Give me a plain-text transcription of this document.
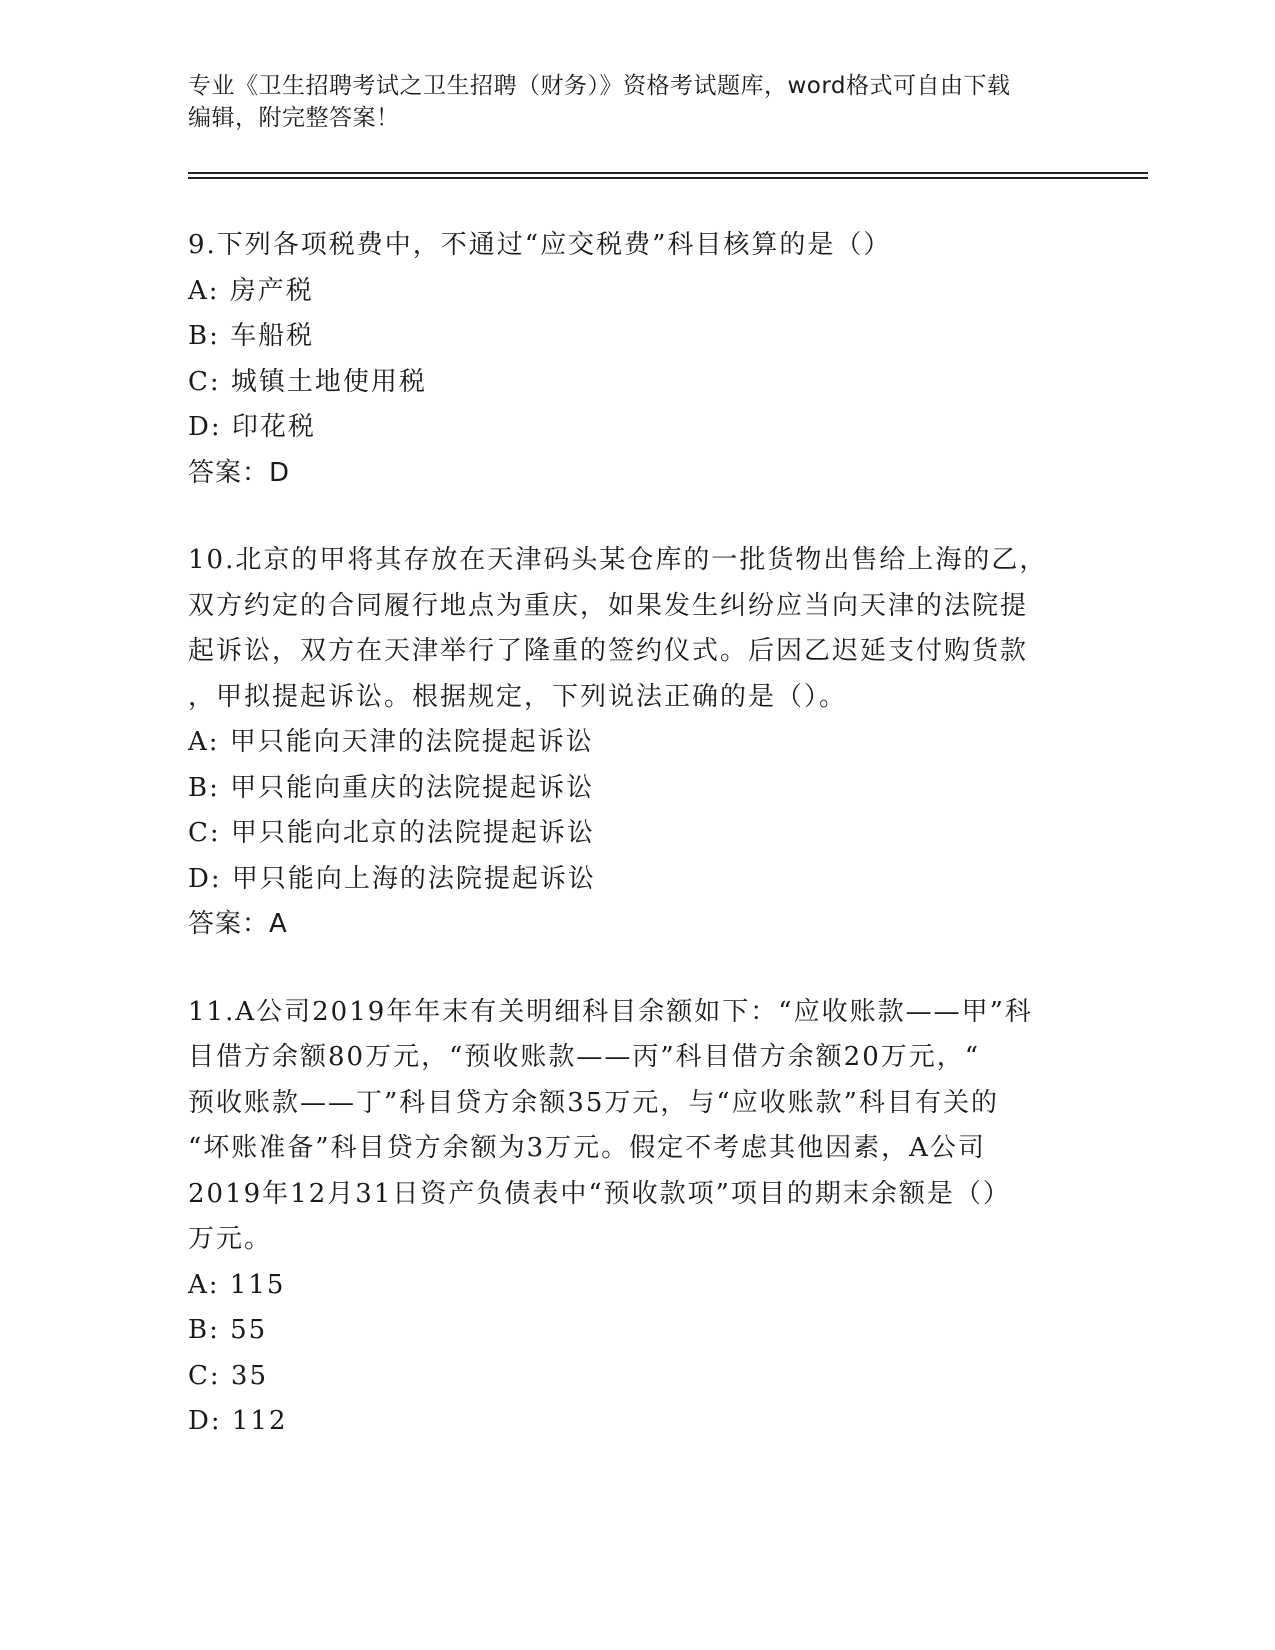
专业《卫生招聘考试之卫生招聘（财务）》资格考试题库，word格式可自由下载
编辑，附完整答案！
9.下列各项税费中，不通过“应交税费”科目核算的是（）
A: 房产税
B: 车船税
C: 城镇土地使用税
D: 印花税
答案：D
10.北京的甲将其存放在天津码头某仓库的一批货物出售给上海的乙，
双方约定的合同履行地点为重庆，如果发生纠纷应当向天津的法院提
起诉讼，双方在天津举行了隆重的签约仪式。后因乙迟延支付购货款
，甲拟提起诉讼。根据规定，下列说法正确的是（）。
A: 甲只能向天津的法院提起诉讼
B: 甲只能向重庆的法院提起诉讼
C: 甲只能向北京的法院提起诉讼
D: 甲只能向上海的法院提起诉讼
答案：A
11.A公司2019年年末有关明细科目余额如下：“应收账款——甲”科
目借方余额80万元，“预收账款——丙”科目借方余额20万元，“
预收账款——丁”科目贷方余额35万元，与“应收账款”科目有关的
“坏账准备”科目贷方余额为3万元。假定不考虑其他因素，A公司
2019年12月31日资产负债表中“预收款项”项目的期末余额是（）
万元。
A: 115
B: 55
C: 35
D: 112
